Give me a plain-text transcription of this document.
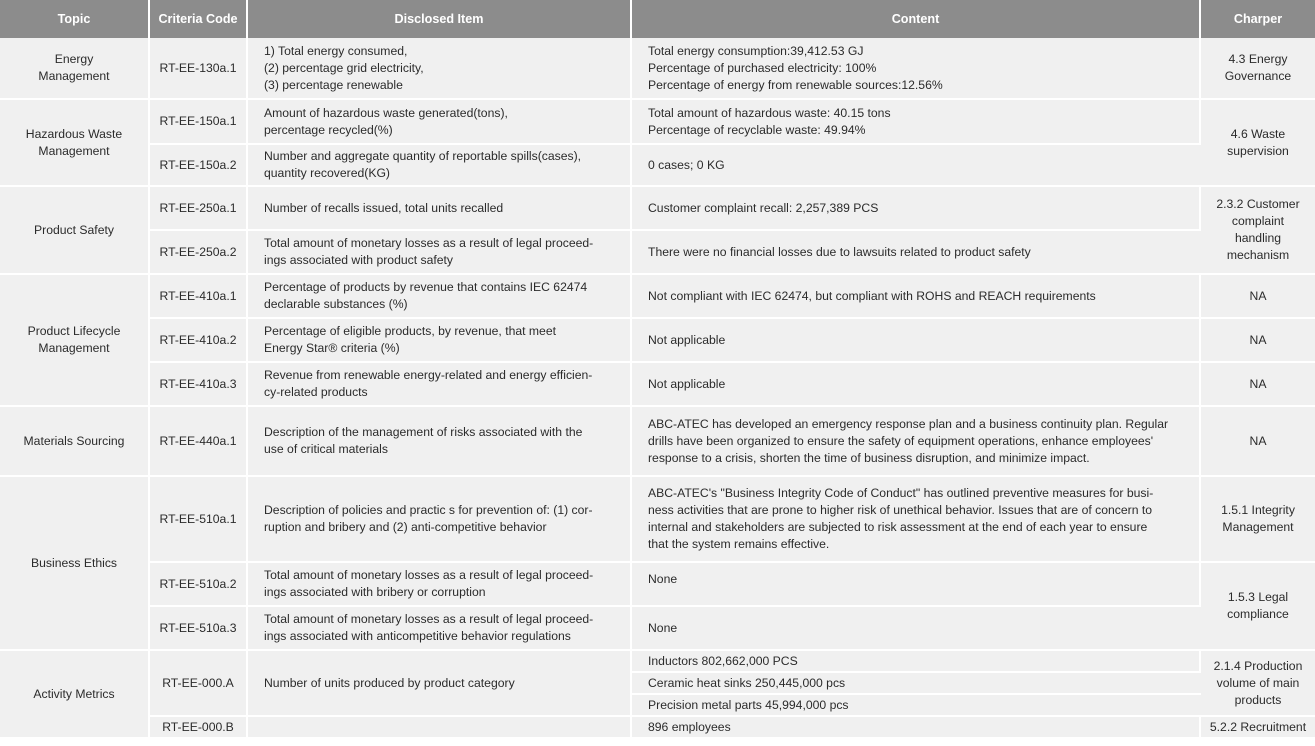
Topic	Criteria Code	Disclosed Item	Content	Charper

Energy
Management	RT-EE-130a.1	1) Total energy consumed,
(2) percentage grid electricity,
(3) percentage renewable	Total energy consumption:39,412.53 GJ
Percentage of purchased electricity: 100%
Percentage of energy from renewable sources:12.56%	4.3 Energy
Governance

Hazardous Waste
Management	RT-EE-150a.1	Amount of hazardous waste generated(tons),
percentage recycled(%)	Total amount of hazardous waste: 40.15 tons
Percentage of recyclable waste: 49.94%	4.6 Waste
supervision

	RT-EE-150a.2	Number and aggregate quantity of reportable spills(cases),
quantity recovered(KG)	0 cases; 0 KG	
Product Safety	RT-EE-250a.1	Number of recalls issued, total units recalled	Customer complaint recall: 2,257,389 PCS	2.3.2 Customer
complaint
handling
mechanism

	RT-EE-250a.2	Total amount of monetary losses as a result of legal proceed-
ings associated with product safety	There were no financial losses due to lawsuits related to product safety	

Product Lifecycle
Management	RT-EE-410a.1	Percentage of products by revenue that contains IEC 62474
declarable substances (%)	Not compliant with IEC 62474, but compliant with ROHS and REACH requirements	NA
	RT-EE-410a.2	Percentage of eligible products, by revenue, that meet
Energy Star® criteria (%)	Not applicable	NA
	RT-EE-410a.3	Revenue from renewable energy-related and energy efficien-
cy-related products	Not applicable	NA
Materials Sourcing	RT-EE-440a.1	Description of the management of risks associated with the
use of critical materials	ABC-ATEC has developed an emergency response plan and a business continuity plan. Regular
drills have been organized to ensure the safety of equipment operations, enhance employees'
response to a crisis, shorten the time of business disruption, and minimize impact.	NA
Business Ethics	RT-EE-510a.1	Description of policies and practic s for prevention of: (1) cor-
ruption and bribery and (2) anti-competitive behavior	ABC-ATEC's "Business Integrity Code of Conduct" has outlined preventive measures for busi-
ness activities that are prone to higher risk of unethical behavior. Issues that are of concern to
internal and stakeholders are subjected to risk assessment at the end of each year to ensure
that the system remains effective.	1.5.1 Integrity
Management

	RT-EE-510a.2	Total amount of monetary losses as a result of legal proceed-
ings associated with bribery or corruption	None	1.5.3 Legal
compliance

	RT-EE-510a.3	Total amount of monetary losses as a result of legal proceed-
ings associated with anticompetitive behavior regulations	None	
Activity Metrics	RT-EE-000.A	Number of units produced by product category	Inductors 802,662,000 PCS	2.1.4 Production
volume of main
products

			Ceramic heat sinks 250,445,000 pcs	
			Precision metal parts 45,994,000 pcs	
	RT-EE-000.B		896 employees	5.2.2 Recruitment
